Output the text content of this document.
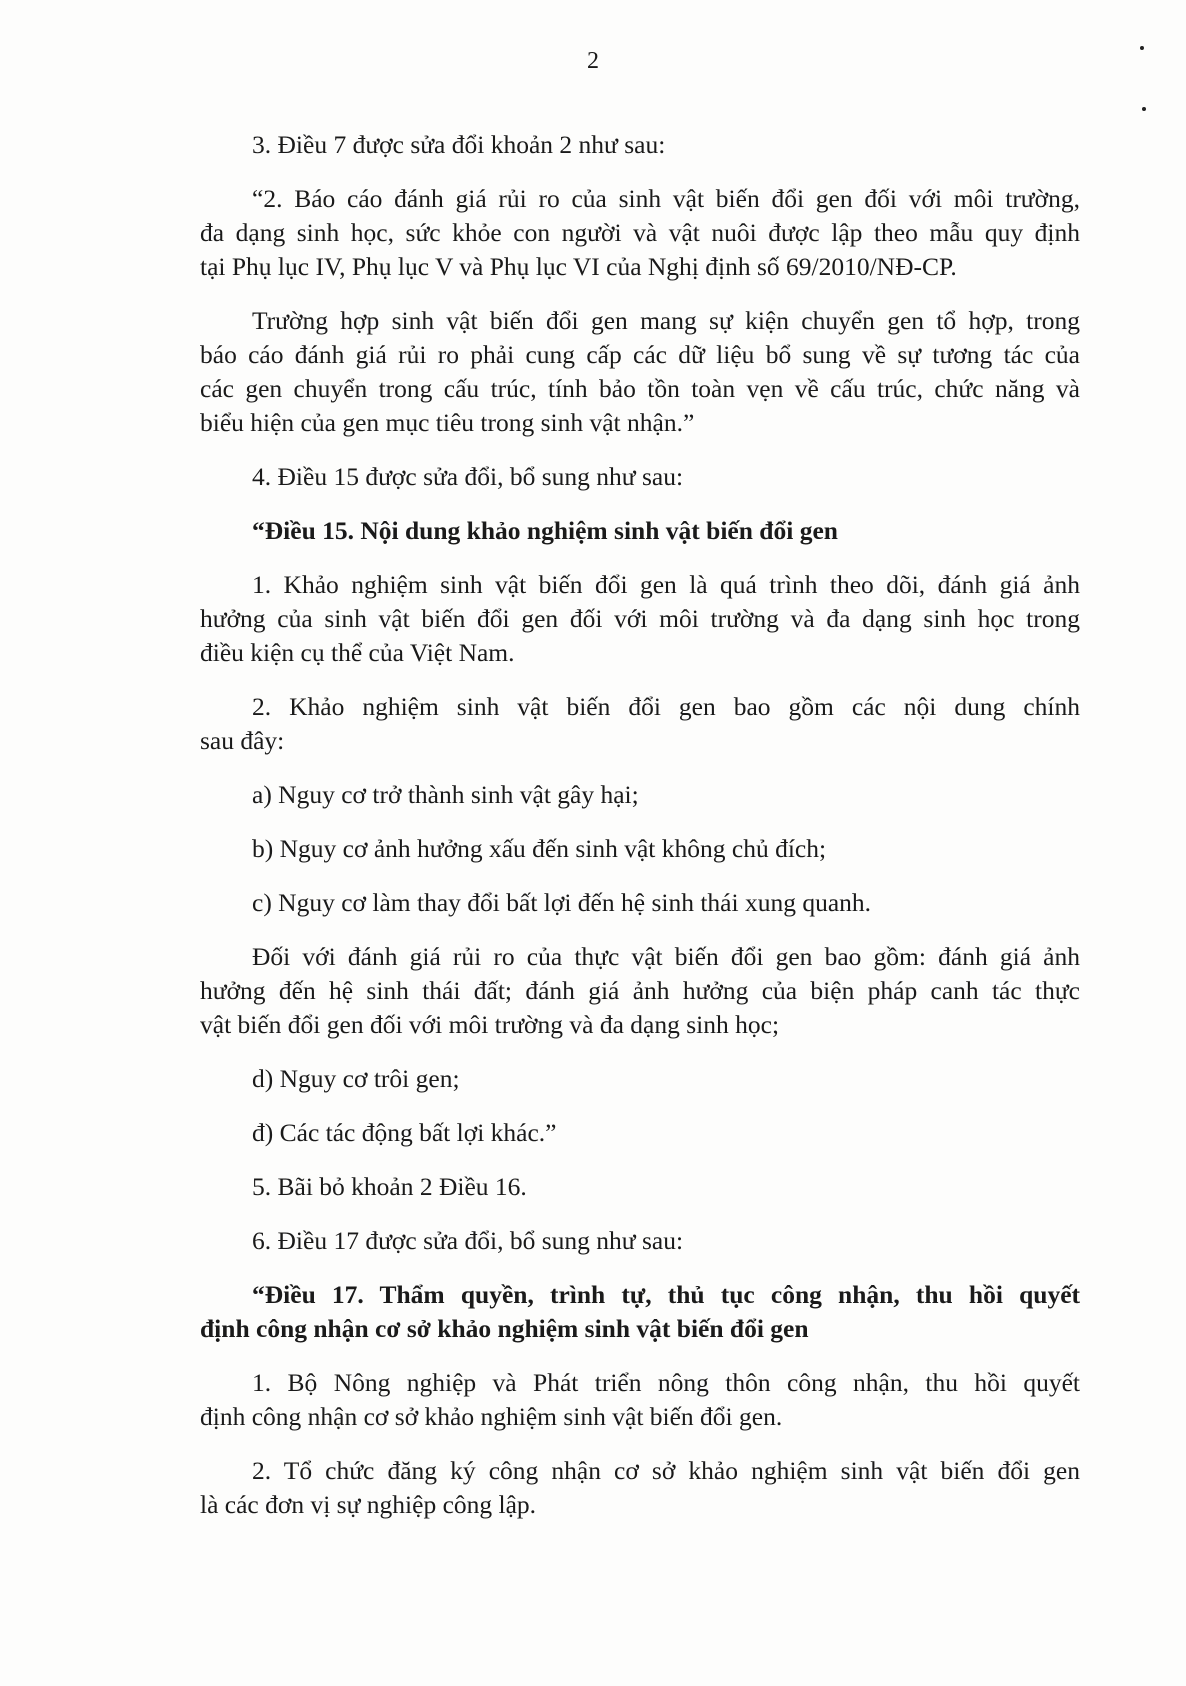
2
3. Điều 7 được sửa đổi khoản 2 như sau:
“2. Báo cáo đánh giá rủi ro của sinh vật biến đổi gen đối với môi trường,
đa dạng sinh học, sức khỏe con người và vật nuôi được lập theo mẫu quy định
tại Phụ lục IV, Phụ lục V và Phụ lục VI của Nghị định số 69/2010/NĐ-CP.
Trường hợp sinh vật biến đổi gen mang sự kiện chuyển gen tổ hợp, trong
báo cáo đánh giá rủi ro phải cung cấp các dữ liệu bổ sung về sự tương tác của
các gen chuyển trong cấu trúc, tính bảo tồn toàn vẹn về cấu trúc, chức năng và
biểu hiện của gen mục tiêu trong sinh vật nhận.”
4. Điều 15 được sửa đổi, bổ sung như sau:
“Điều 15. Nội dung khảo nghiệm sinh vật biến đổi gen
1. Khảo nghiệm sinh vật biến đổi gen là quá trình theo dõi, đánh giá ảnh
hưởng của sinh vật biến đổi gen đối với môi trường và đa dạng sinh học trong
điều kiện cụ thể của Việt Nam.
2. Khảo nghiệm sinh vật biến đổi gen bao gồm các nội dung chính
sau đây:
a) Nguy cơ trở thành sinh vật gây hại;
b) Nguy cơ ảnh hưởng xấu đến sinh vật không chủ đích;
c) Nguy cơ làm thay đổi bất lợi đến hệ sinh thái xung quanh.
Đối với đánh giá rủi ro của thực vật biến đổi gen bao gồm: đánh giá ảnh
hưởng đến hệ sinh thái đất; đánh giá ảnh hưởng của biện pháp canh tác thực
vật biến đổi gen đối với môi trường và đa dạng sinh học;
d) Nguy cơ trôi gen;
đ) Các tác động bất lợi khác.”
5. Bãi bỏ khoản 2 Điều 16.
6. Điều 17 được sửa đổi, bổ sung như sau:
“Điều 17. Thẩm quyền, trình tự, thủ tục công nhận, thu hồi quyết
định công nhận cơ sở khảo nghiệm sinh vật biến đổi gen
1. Bộ Nông nghiệp và Phát triển nông thôn công nhận, thu hồi quyết
định công nhận cơ sở khảo nghiệm sinh vật biến đổi gen.
2. Tổ chức đăng ký công nhận cơ sở khảo nghiệm sinh vật biến đổi gen
là các đơn vị sự nghiệp công lập.
